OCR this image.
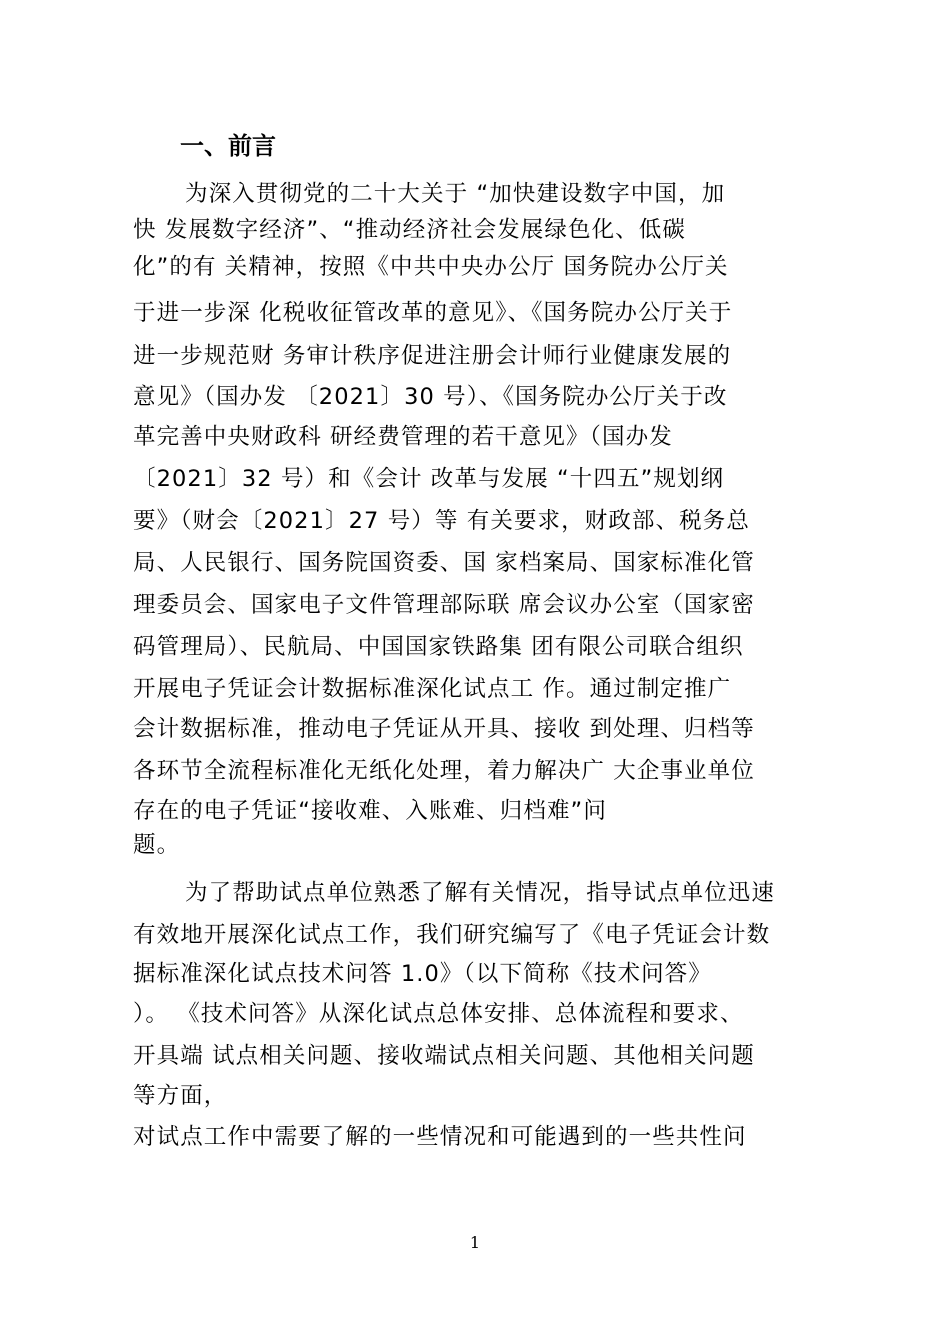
一、前言
为深入贯彻党的二十大关于 “加快建设数字中国，加
快 发展数字经济”、“推动经济社会发展绿色化、低碳
化”的有 关精神，按照《中共中央办公厅 国务院办公厅关
于进一步深 化税收征管改革的意见》、《国务院办公厅关于
进一步规范财 务审计秩序促进注册会计师行业健康发展的
意见》（国办发 〔2021〕30 号）、《国务院办公厅关于改
革完善中央财政科 研经费管理的若干意见》（国办发
〔2021〕32 号）和《会计 改革与发展 “十四五”规划纲
要》（财会〔2021〕27 号）等 有关要求，财政部、税务总
局、人民银行、国务院国资委、国 家档案局、国家标准化管
理委员会、国家电子文件管理部际联 席会议办公室（国家密
码管理局）、民航局、中国国家铁路集 团有限公司联合组织
开展电子凭证会计数据标准深化试点工 作。通过制定推广
会计数据标准，推动电子凭证从开具、接收 到处理、归档等
各环节全流程标准化无纸化处理，着力解决广 大企事业单位
存在的电子凭证“接收难、入账难、归档难”问
题。
为了帮助试点单位熟悉了解有关情况，指导试点单位迅速
有效地开展深化试点工作，我们研究编写了《电子凭证会计数
据标准深化试点技术问答 1.0》（以下简称《技术问答》
）。 《技术问答》从深化试点总体安排、总体流程和要求、
开具端 试点相关问题、接收端试点相关问题、其他相关问题
等方面，
对试点工作中需要了解的一些情况和可能遇到的一些共性问
1
